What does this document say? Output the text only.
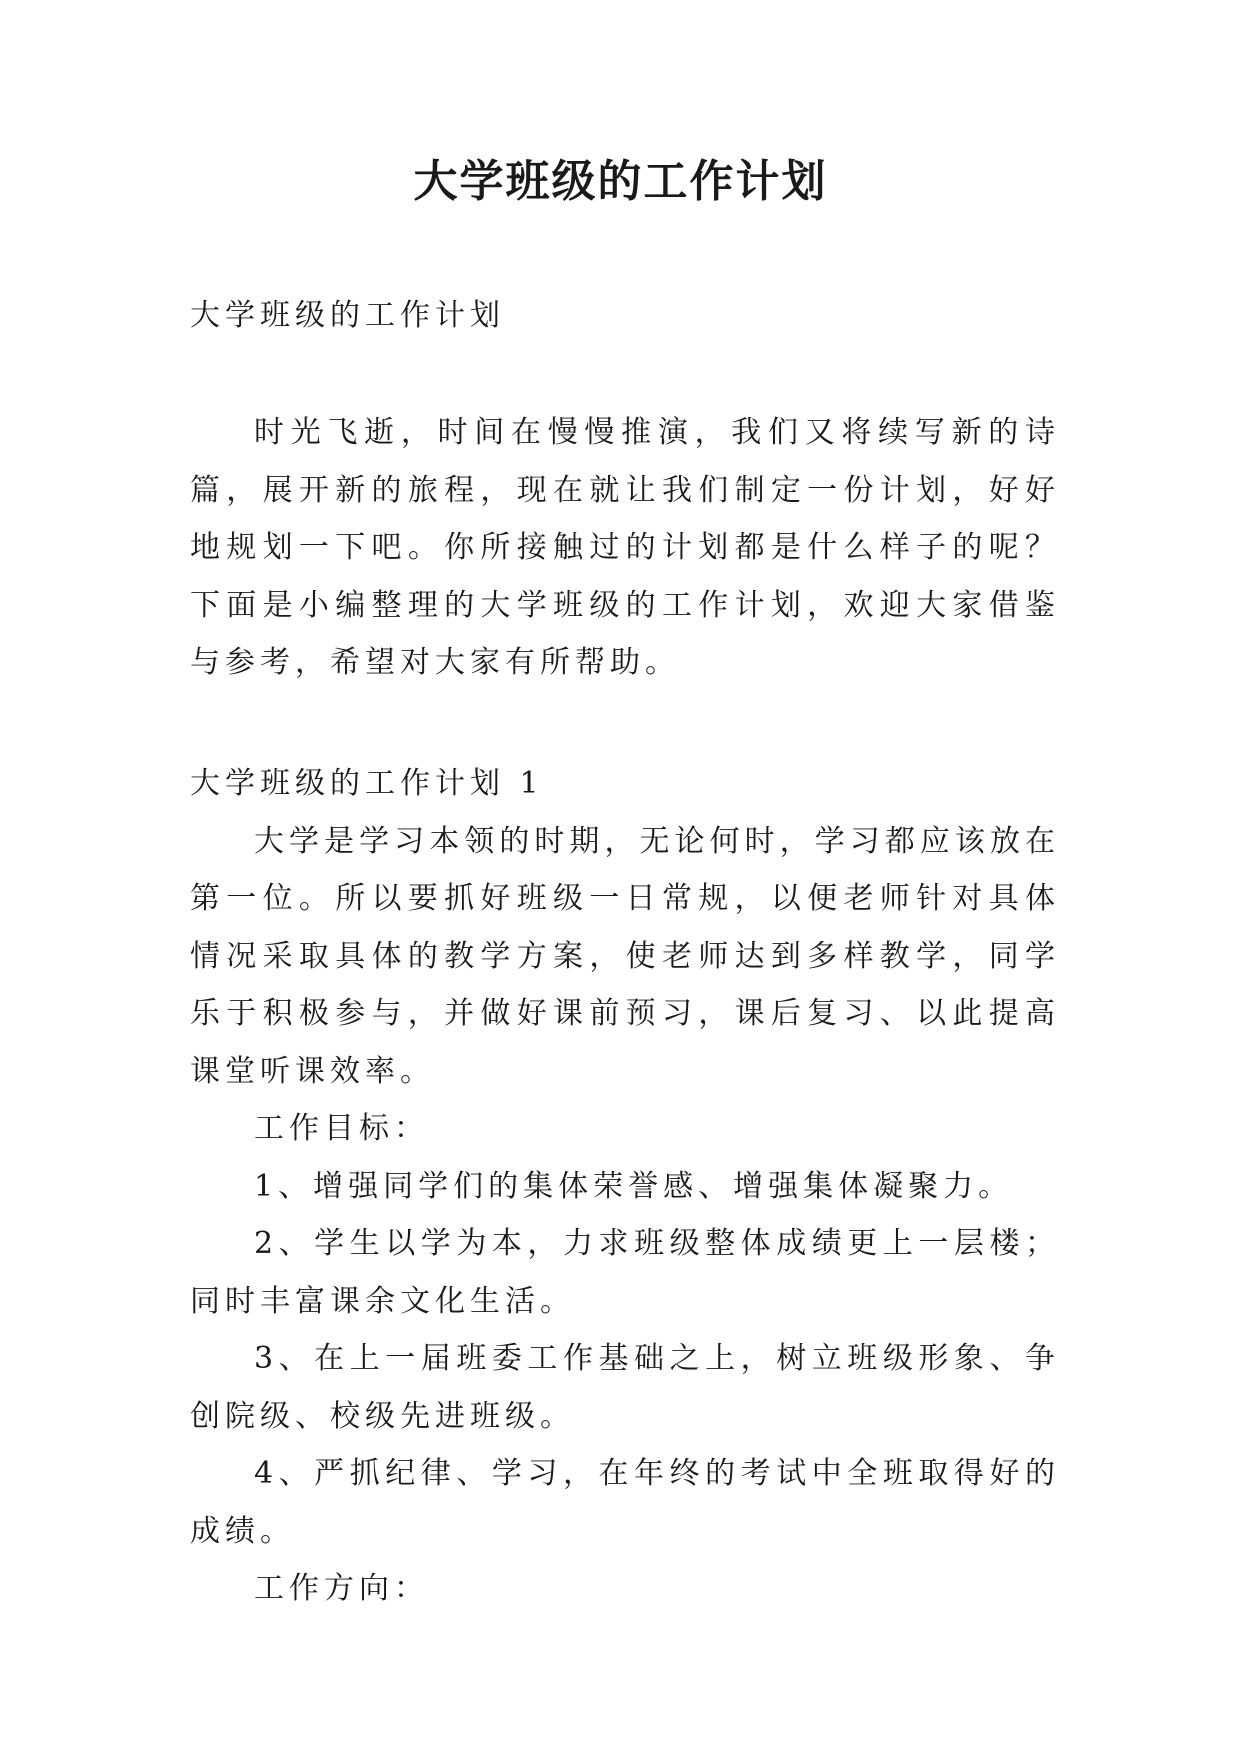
大学班级的工作计划

大学班级的工作计划

时光飞逝，时间在慢慢推演，我们又将续写新的诗篇，展开新的旅程，现在就让我们制定一份计划，好好地规划一下吧。你所接触过的计划都是什么样子的呢？下面是小编整理的大学班级的工作计划，欢迎大家借鉴与参考，希望对大家有所帮助。

大学班级的工作计划 1

大学是学习本领的时期，无论何时，学习都应该放在第一位。所以要抓好班级一日常规，以便老师针对具体情况采取具体的教学方案，使老师达到多样教学，同学乐于积极参与，并做好课前预习，课后复习、以此提高课堂听课效率。

工作目标：

1、增强同学们的集体荣誉感、增强集体凝聚力。

2、学生以学为本，力求班级整体成绩更上一层楼；同时丰富课余文化生活。

3、在上一届班委工作基础之上，树立班级形象、争创院级、校级先进班级。

4、严抓纪律、学习，在年终的考试中全班取得好的成绩。

工作方向：
